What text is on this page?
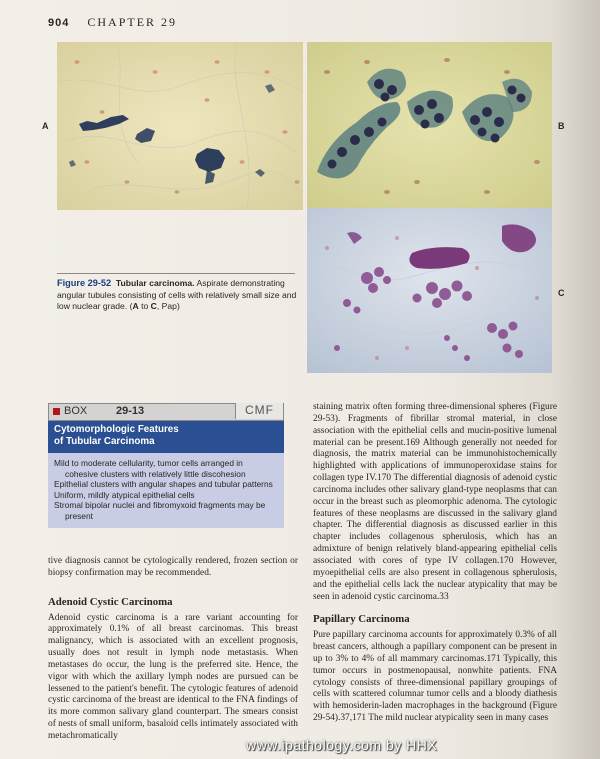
904 CHAPTER 29
A	B
C
Figure 29-52 Tubular carcinoma. Aspirate demonstrating angular tubules consisting of cells with relatively small size and low nuclear grade. (A to C, Pap)
BOX	29-13	CMF
Cytomorphologic Features
of Tubular Carcinoma
Mild to moderate cellularity, tumor cells arranged in cohesive clusters with relatively little discohesion
Epithelial clusters with angular shapes and tubular patterns
Uniform, mildly atypical epithelial cells
Stromal bipolar nuclei and fibromyxoid fragments may be present

tive diagnosis cannot be cytologically rendered, frozen section or biopsy confirmation may be recommended.

Adenoid Cystic Carcinoma

Adenoid cystic carcinoma is a rare variant accounting for approximately 0.1% of all breast carcinomas. This breast malignancy, which is associated with an excellent prognosis, usually does not result in lymph node metastasis. When metastases do occur, the lung is the preferred site. Hence, the vigor with which the axillary lymph nodes are pursued can be lessened to the patient's benefit. The cytologic features of adenoid cystic carcinoma of the breast are identical to the FNA findings of its more common salivary gland counterpart. The smears consist of nests of small uniform, basaloid cells intimately associated with metachromatically

staining matrix often forming three-dimensional spheres (Figure 29-53). Fragments of fibrillar stromal material, in close association with the epithelial cells and mucin-positive lumenal material can be present.169 Although generally not needed for diagnosis, the matrix material can be immunohistochemically highlighted with applications of immunoperoxidase stains for collagen type IV.170 The differential diagnosis of adenoid cystic carcinoma includes other salivary gland-type neoplasms that can occur in the breast such as pleomorphic adenoma. The cytologic features of these neoplasms are discussed in the salivary gland chapter. The differential diagnosis as discussed earlier in this chapter includes collagenous spherulosis, which has an admixture of benign relatively bland-appearing epithelial cells associated with cores of type IV collagen.170 However, myoepithelial cells are also present in collagenous spherulosis, and the epithelial cells lack the nuclear atypicality that may be seen in adenoid cystic carcinoma.33

Papillary Carcinoma

Pure papillary carcinoma accounts for approximately 0.3% of all breast cancers, although a papillary component can be present in up to 3% to 4% of all mammary carcinomas.171 Typically, this tumor occurs in postmenopausal, nonwhite patients. FNA cytology consists of three-dimensional papillary groupings of cells with scattered columnar tumor cells and a bloody diathesis with hemosiderin-laden macrophages in the background (Figure 29-54).37,171 The mild nuclear atypicality seen in many cases

www.ipathology.com by HHX
